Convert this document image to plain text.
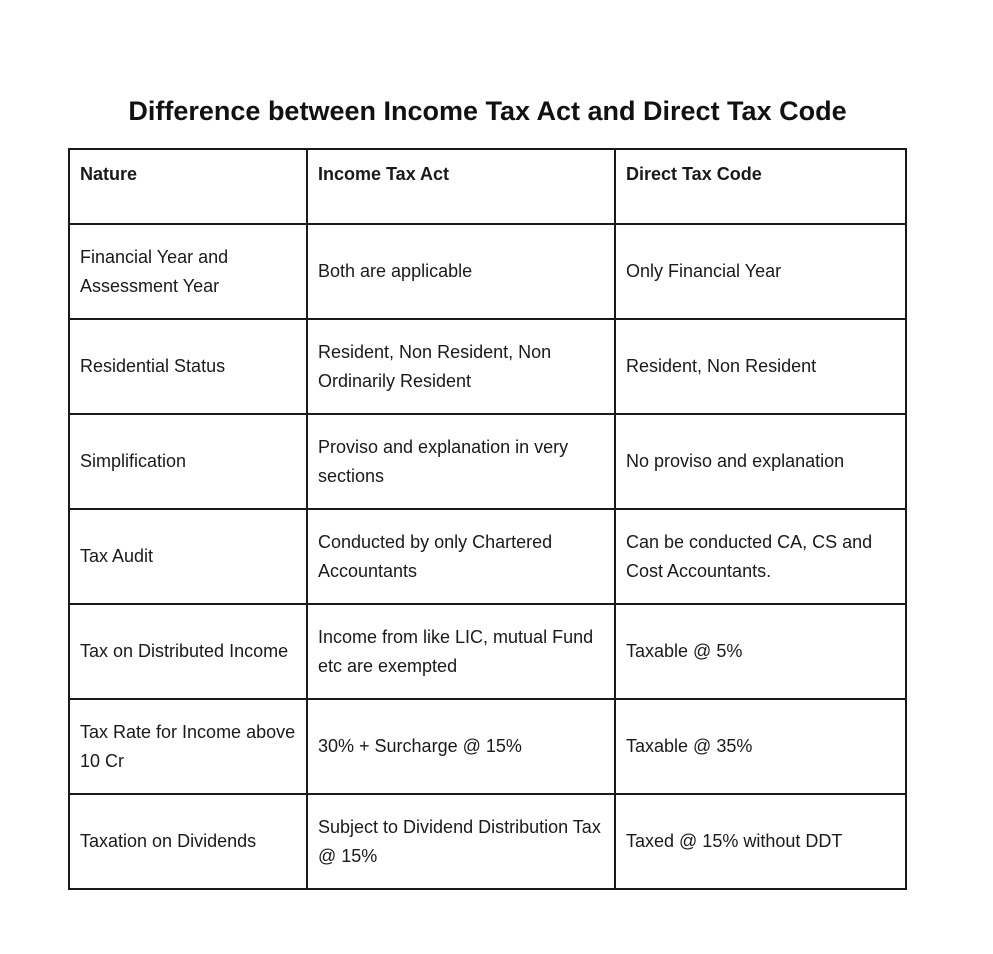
Difference between Income Tax Act and Direct Tax Code
Nature	Income Tax Act	Direct Tax Code
Financial Year and Assessment Year	Both are applicable	Only Financial Year
Residential Status	Resident, Non Resident, Non Ordinarily Resident	Resident, Non Resident
Simplification	Proviso and explanation in very sections	No proviso and explanation
Tax Audit	Conducted by only Chartered Accountants	Can be conducted CA, CS and Cost Accountants.
Tax on Distributed Income	Income from like LIC, mutual Fund etc are exempted	Taxable @ 5%
Tax Rate for Income above 10 Cr	30% + Surcharge @ 15%	Taxable @ 35%
Taxation on Dividends	Subject to Dividend Distribution Tax @ 15%	Taxed @ 15% without DDT
